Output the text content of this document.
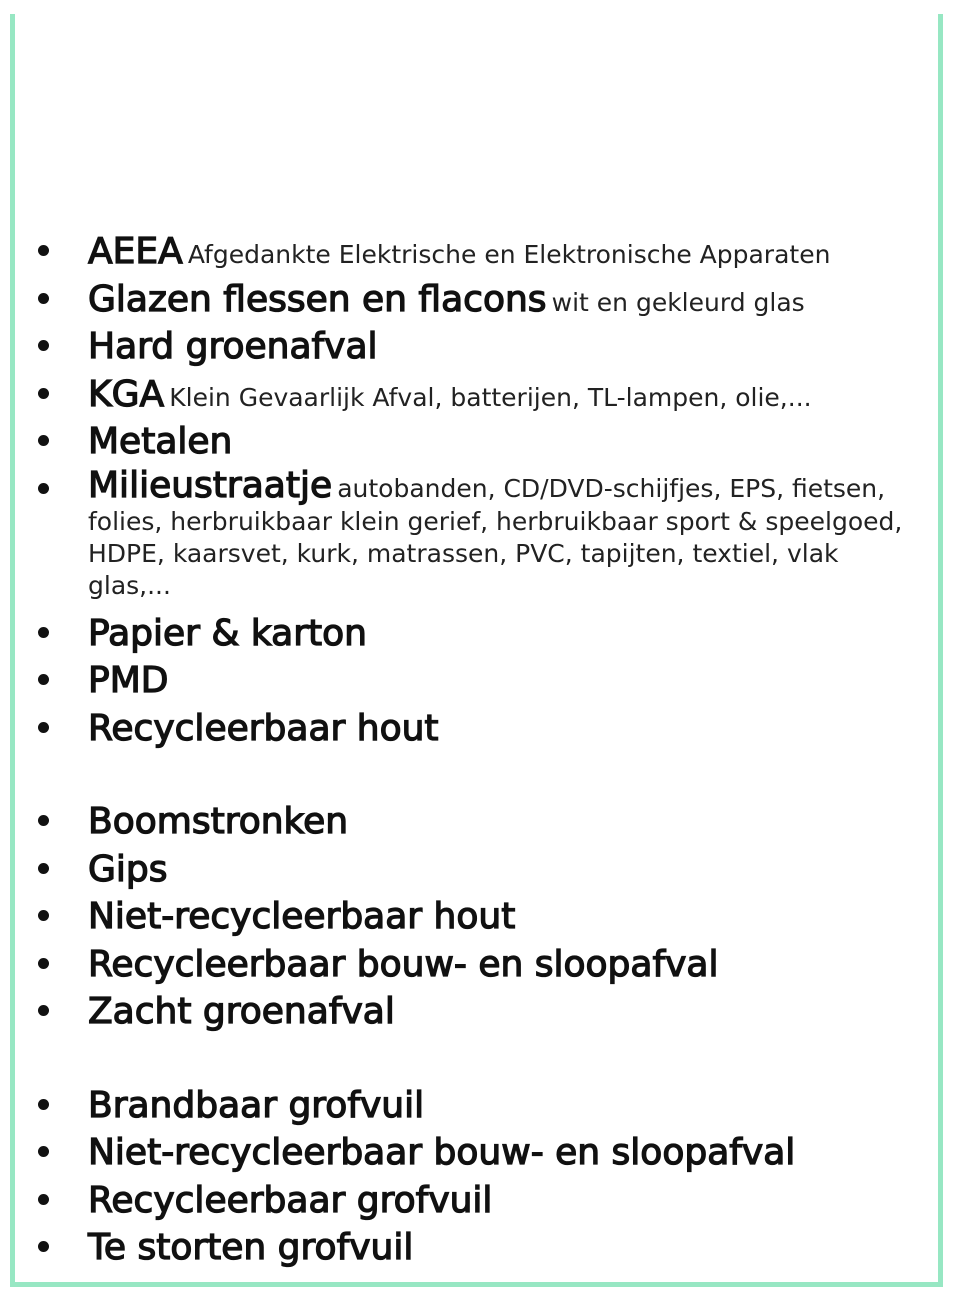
AEEA Afgedankte Elektrische en Elektronische Apparaten
Glazen flessen en flacons wit en gekleurd glas
Hard groenafval
KGA Klein Gevaarlijk Afval, batterijen, TL-lampen, olie,...
Metalen
Milieustraatje autobanden, CD/DVD-schijfjes, EPS, fietsen, folies, herbruikbaar klein gerief, herbruikbaar sport & speelgoed, HDPE, kaarsvet, kurk, matrassen, PVC, tapijten, textiel, vlak glas,...
Papier & karton
PMD
Recycleerbaar hout
Boomstronken
Gips
Niet-recycleerbaar hout
Recycleerbaar bouw- en sloopafval
Zacht groenafval
Brandbaar grofvuil
Niet-recycleerbaar bouw- en sloopafval
Recycleerbaar grofvuil
Te storten grofvuil
